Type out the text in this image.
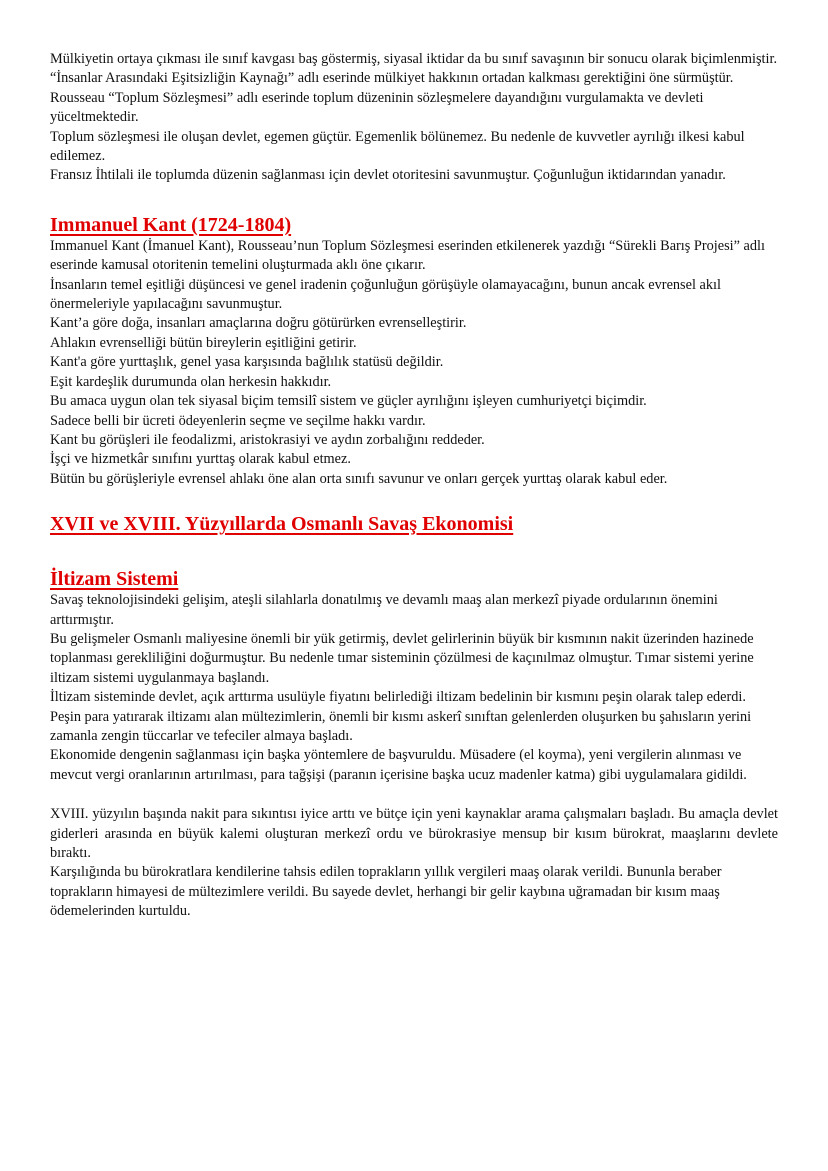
Mülkiyetin ortaya çıkması ile sınıf kavgası baş göstermiş, siyasal iktidar da bu sınıf savaşının bir sonucu olarak biçimlenmiştir.

“İnsanlar Arasındaki Eşitsizliğin Kaynağı” adlı eserinde mülkiyet hakkının ortadan kalkması gerektiğini öne sürmüştür.

Rousseau “Toplum Sözleşmesi” adlı eserinde toplum düzeninin sözleşmelere dayandığını vurgulamakta ve devleti yüceltmektedir.

Toplum sözleşmesi ile oluşan devlet, egemen güçtür. Egemenlik bölünemez. Bu nedenle de kuvvetler ayrılığı ilkesi kabul edilemez.

Fransız İhtilali ile toplumda düzenin sağlanması için devlet otoritesini savunmuştur. Çoğunluğun iktidarından yanadır.

Immanuel Kant (1724-1804)

Immanuel Kant (İmanuel Kant), Rousseau’nun Toplum Sözleşmesi eserinden etkilenerek yazdığı “Sürekli Barış Projesi” adlı eserinde kamusal otoritenin temelini oluşturmada aklı öne çıkarır.

İnsanların temel eşitliği düşüncesi ve genel iradenin çoğunluğun görüşüyle olamayacağını, bunun ancak evrensel akıl önermeleriyle yapılacağını savunmuştur.

Kant’a göre doğa, insanları amaçlarına doğru götürürken evrenselleştirir.

Ahlakın evrenselliği bütün bireylerin eşitliğini getirir.

Kant'a göre yurttaşlık, genel yasa karşısında bağlılık statüsü değildir.

Eşit kardeşlik durumunda olan herkesin hakkıdır.

Bu amaca uygun olan tek siyasal biçim temsilî sistem ve güçler ayrılığını işleyen cumhuriyetçi biçimdir.

Sadece belli bir ücreti ödeyenlerin seçme ve seçilme hakkı vardır.

Kant bu görüşleri ile feodalizmi, aristokrasiyi ve aydın zorbalığını reddeder.

İşçi ve hizmetkâr sınıfını yurttaş olarak kabul etmez.

Bütün bu görüşleriyle evrensel ahlakı öne alan orta sınıfı savunur ve onları gerçek yurttaş olarak kabul eder.

XVII ve XVIII. Yüzyıllarda Osmanlı Savaş Ekonomisi
İltizam Sistemi

Savaş teknolojisindeki gelişim, ateşli silahlarla donatılmış ve devamlı maaş alan merkezî piyade ordularının önemini arttırmıştır.

Bu gelişmeler Osmanlı maliyesine önemli bir yük getirmiş, devlet gelirlerinin büyük bir kısmının nakit üzerinden hazinede toplanması gerekliliğini doğurmuştur. Bu nedenle tımar sisteminin çözülmesi de kaçınılmaz olmuştur. Tımar sistemi yerine iltizam sistemi uygulanmaya başlandı.

İltizam sisteminde devlet, açık arttırma usulüyle fiyatını belirlediği iltizam bedelinin bir kısmını peşin olarak talep ederdi. Peşin para yatırarak iltizamı alan mültezimlerin, önemli bir kısmı askerî sınıftan gelenlerden oluşurken bu şahısların yerini zamanla zengin tüccarlar ve tefeciler almaya başladı.

Ekonomide dengenin sağlanması için başka yöntemlere de başvuruldu. Müsadere (el koyma), yeni vergilerin alınması ve mevcut vergi oranlarının artırılması, para tağşişi (paranın içerisine başka ucuz madenler katma) gibi uygulamalara gidildi.

XVIII. yüzyılın başında nakit para sıkıntısı iyice arttı ve bütçe için yeni kaynaklar arama çalışmaları başladı. Bu amaçla devlet giderleri arasında en büyük kalemi oluşturan merkezî ordu ve bürokrasiye mensup bir kısım bürokrat, maaşlarını devlete bıraktı.

Karşılığında bu bürokratlara kendilerine tahsis edilen toprakların yıllık vergileri maaş olarak verildi. Bununla beraber toprakların himayesi de mültezimlere verildi. Bu sayede devlet, herhangi bir gelir kaybına uğramadan bir kısım maaş ödemelerinden kurtuldu.
